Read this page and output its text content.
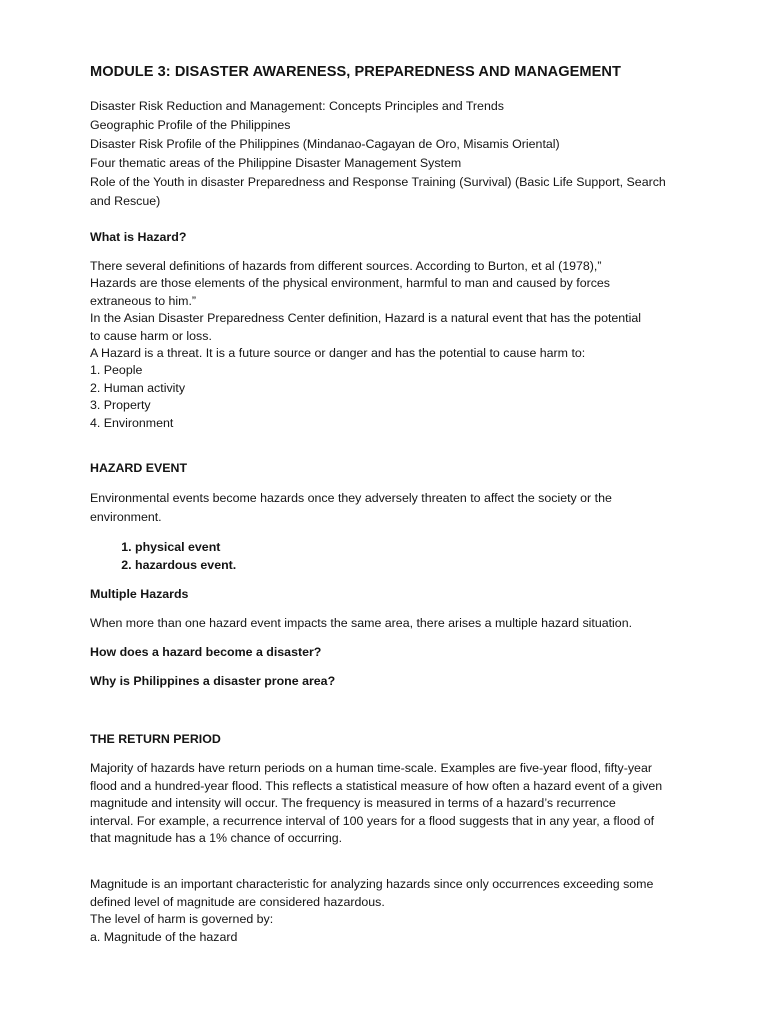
MODULE 3: DISASTER AWARENESS, PREPAREDNESS AND MANAGEMENT
Disaster Risk Reduction and Management: Concepts Principles and Trends
Geographic Profile of the Philippines
Disaster Risk Profile of the Philippines (Mindanao-Cagayan de Oro, Misamis Oriental)
Four thematic areas of the Philippine Disaster Management System
Role of the Youth in disaster Preparedness and Response Training (Survival) (Basic Life Support, Search
and Rescue)
What is Hazard?
There several definitions of hazards from different sources. According to Burton, et al (1978),”
Hazards are those elements of the physical environment, harmful to man and caused by forces
extraneous to him.”
In the Asian Disaster Preparedness Center definition, Hazard is a natural event that has the potential
to cause harm or loss.
A Hazard is a threat. It is a future source or danger and has the potential to cause harm to:
1. People
2. Human activity
3. Property
4. Environment
HAZARD EVENT
Environmental events become hazards once they adversely threaten to affect the society or the
environment.
1. physical event
2. hazardous event.
Multiple Hazards
When more than one hazard event impacts the same area, there arises a multiple hazard situation.
How does a hazard become a disaster?
Why is Philippines a disaster prone area?
THE RETURN PERIOD
Majority of hazards have return periods on a human time-scale. Examples are five-year flood, fifty-year
flood and a hundred-year flood. This reflects a statistical measure of how often a hazard event of a given
magnitude and intensity will occur. The frequency is measured in terms of a hazard’s recurrence
interval. For example, a recurrence interval of 100 years for a flood suggests that in any year, a flood of
that magnitude has a 1% chance of occurring.
Magnitude is an important characteristic for analyzing hazards since only occurrences exceeding some
defined level of magnitude are considered hazardous.
The level of harm is governed by:
a. Magnitude of the hazard
